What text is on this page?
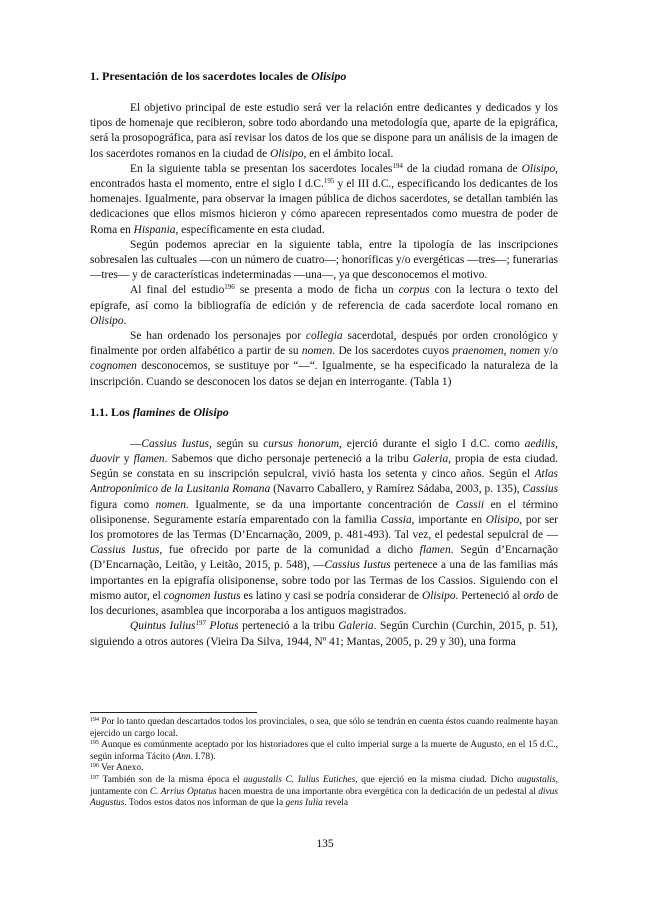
1. Presentación de los sacerdotes locales de Olisipo

El objetivo principal de este estudio será ver la relación entre dedicantes y dedicados y los tipos de homenaje que recibieron, sobre todo abordando una metodología que, aparte de la epigráfica, será la prosopográfica, para así revisar los datos de los que se dispone para un análisis de la imagen de los sacerdotes romanos en la ciudad de Olisipo, en el ámbito local.

En la siguiente tabla se presentan los sacerdotes locales$^{194}$ de la ciudad romana de Olisipo, encontrados hasta el momento, entre el siglo I d.C.$^{195}$ y el III d.C., especificando los dedicantes de los homenajes. Igualmente, para observar la imagen pública de dichos sacerdotes, se detallan también las dedicaciones que ellos mismos hicieron y cómo aparecen representados como muestra de poder de Roma en Hispania, específicamente en esta ciudad.

Según podemos apreciar en la siguiente tabla, entre la tipología de las inscripciones sobresalen las cultuales —con un número de cuatro—; honoríficas y/o evergéticas —tres—; funerarias —tres— y de características indeterminadas —una—, ya que desconocemos el motivo.

Al final del estudio$^{196}$ se presenta a modo de ficha un corpus con la lectura o texto del epígrafe, así como la bibliografía de edición y de referencia de cada sacerdote local romano en Olisipo.

Se han ordenado los personajes por collegia sacerdotal, después por orden cronológico y finalmente por orden alfabético a partir de su nomen. De los sacerdotes cuyos praenomen, nomen y/o cognomen desconocemos, se sustituye por “—“. Igualmente, se ha especificado la naturaleza de la inscripción. Cuando se desconocen los datos se dejan en interrogante. (Tabla 1)

1.1. Los flamines de Olisipo

—Cassius Iustus, según su cursus honorum, ejerció durante el siglo I d.C. como aedilis, duovir y flamen. Sabemos que dicho personaje perteneció a la tribu Galeria, propia de esta ciudad. Según se constata en su inscripción sepulcral, vivió hasta los setenta y cinco años. Según el Atlas Antroponímico de la Lusitania Romana (Navarro Caballero, y Ramírez Sádaba, 2003, p. 135), Cassius figura como nomen. Igualmente, se da una importante concentración de Cassii en el término olisiponense. Seguramente estaría emparentado con la familia Cassia, importante en Olisipo, por ser los promotores de las Termas (D’Encarnação, 2009, p. 481-493). Tal vez, el pedestal sepulcral de —Cassius Iustus, fue ofrecido por parte de la comunidad a dicho flamen. Según d’Encarnação (D’Encarnação, Leitão, y Leitão, 2015, p. 548), —Cassius Iustus pertenece a una de las familias más importantes en la epigrafía olisiponense, sobre todo por las Termas de los Cassios. Siguiendo con el mismo autor, el cognomen Iustus es latino y casi se podría considerar de Olisipo. Perteneció al ordo de los decuriones, asamblea que incorporaba a los antiguos magistrados.

Quintus Iulius$^{197}$ Plotus perteneció a la tribu Galeria. Según Curchin (Curchin, 2015, p. 51), siguiendo a otros autores (Vieira Da Silva, 1944, Nº 41; Mantas, 2005, p. 29 y 30), una forma

$^{194}$ Por lo tanto quedan descartados todos los provinciales, o sea, que sólo se tendrán en cuenta éstos cuando realmente hayan ejercido un cargo local.

$^{195}$ Aunque es comúnmente aceptado por los historiadores que el culto imperial surge a la muerte de Augusto, en el 15 d.C., según informa Tácito (Ann. I.78).

$^{196}$ Ver Anexo.

$^{197}$ También son de la misma época el augustalis C. Iulius Eutiches, que ejerció en la misma ciudad. Dicho augustalis, juntamente con C. Arrius Optatus hacen muestra de una importante obra evergética con la dedicación de un pedestal al divus Augustus. Todos estos datos nos informan de que la gens Iulia revela

135
